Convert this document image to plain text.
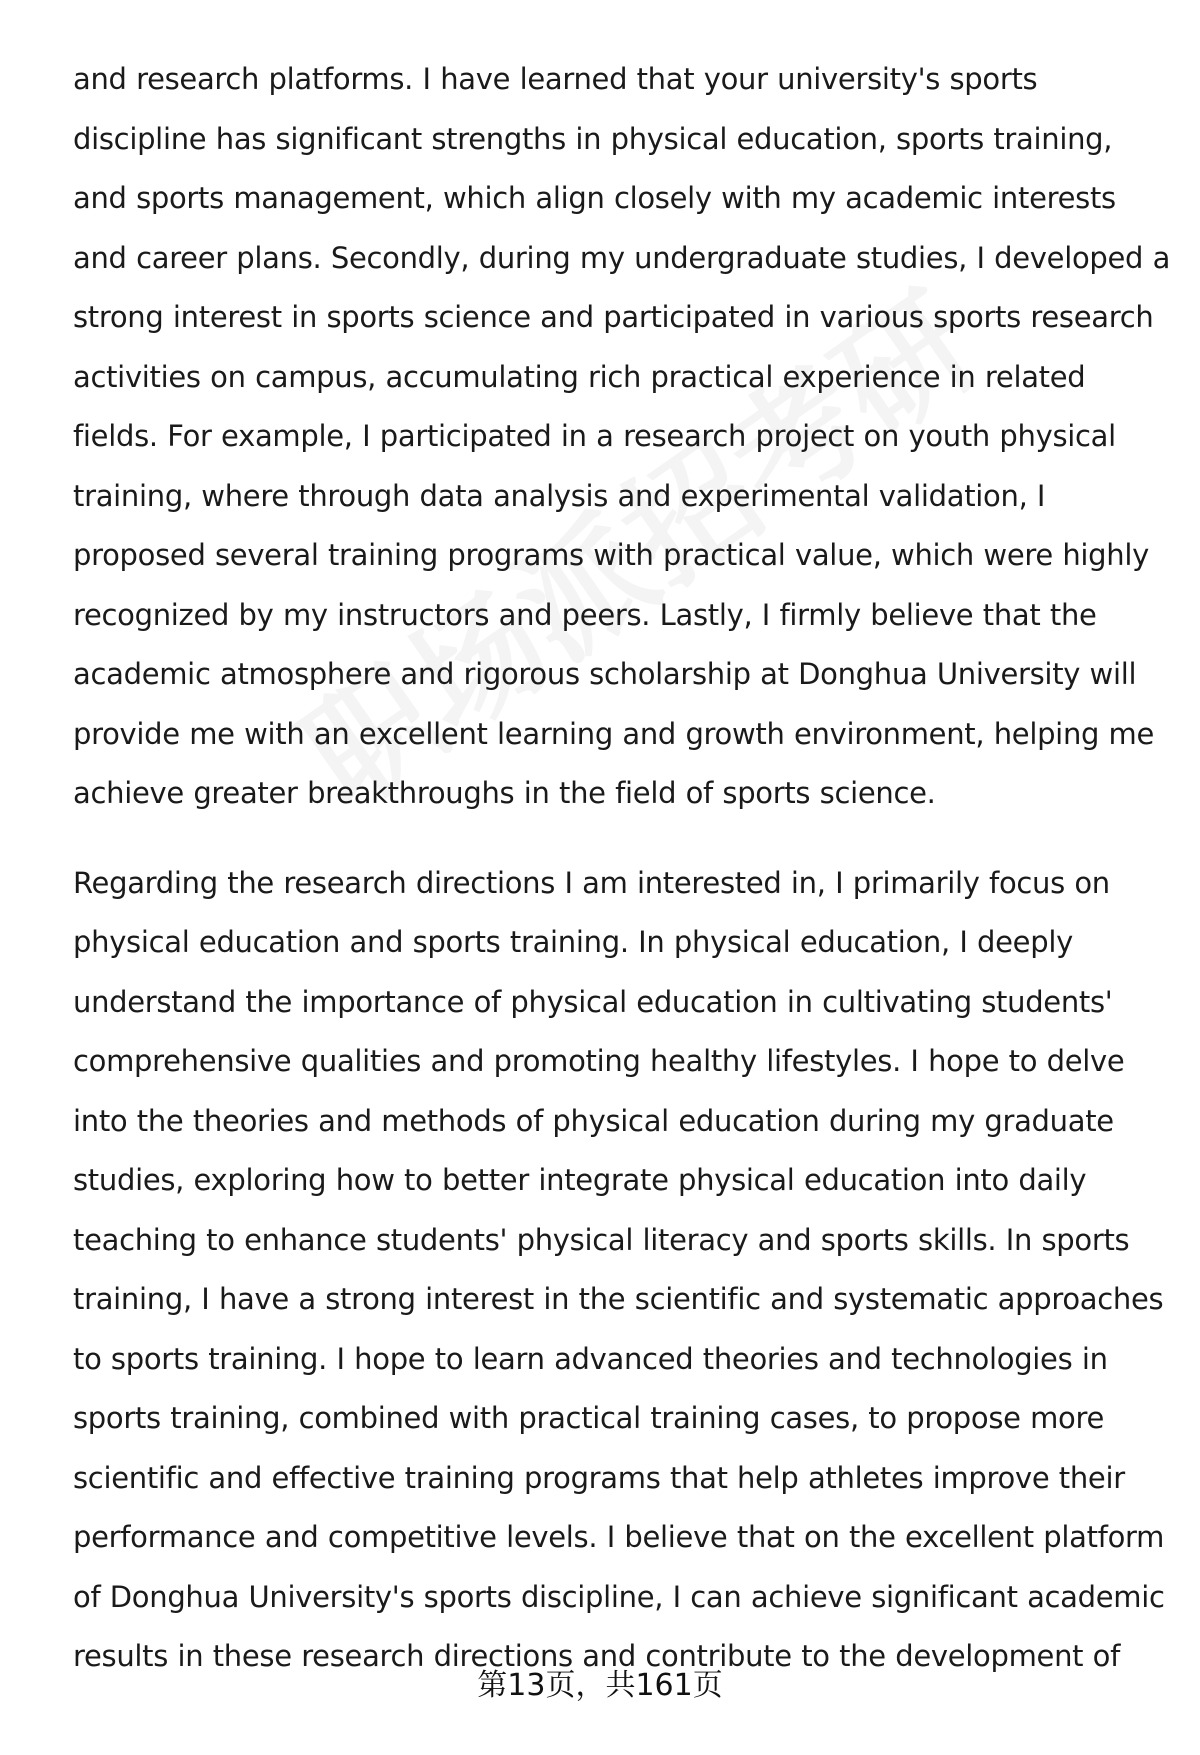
and research platforms. I have learned that your university's sports
discipline has significant strengths in physical education, sports training,
and sports management, which align closely with my academic interests
and career plans. Secondly, during my undergraduate studies, I developed a
strong interest in sports science and participated in various sports research
activities on campus, accumulating rich practical experience in related
fields. For example, I participated in a research project on youth physical
training, where through data analysis and experimental validation, I
proposed several training programs with practical value, which were highly
recognized by my instructors and peers. Lastly, I firmly believe that the
academic atmosphere and rigorous scholarship at Donghua University will
provide me with an excellent learning and growth environment, helping me
achieve greater breakthroughs in the field of sports science.

Regarding the research directions I am interested in, I primarily focus on
physical education and sports training. In physical education, I deeply
understand the importance of physical education in cultivating students'
comprehensive qualities and promoting healthy lifestyles. I hope to delve
into the theories and methods of physical education during my graduate
studies, exploring how to better integrate physical education into daily
teaching to enhance students' physical literacy and sports skills. In sports
training, I have a strong interest in the scientific and systematic approaches
to sports training. I hope to learn advanced theories and technologies in
sports training, combined with practical training cases, to propose more
scientific and effective training programs that help athletes improve their
performance and competitive levels. I believe that on the excellent platform
of Donghua University's sports discipline, I can achieve significant academic
results in these research directions and contribute to the development of

第13页，共161页
